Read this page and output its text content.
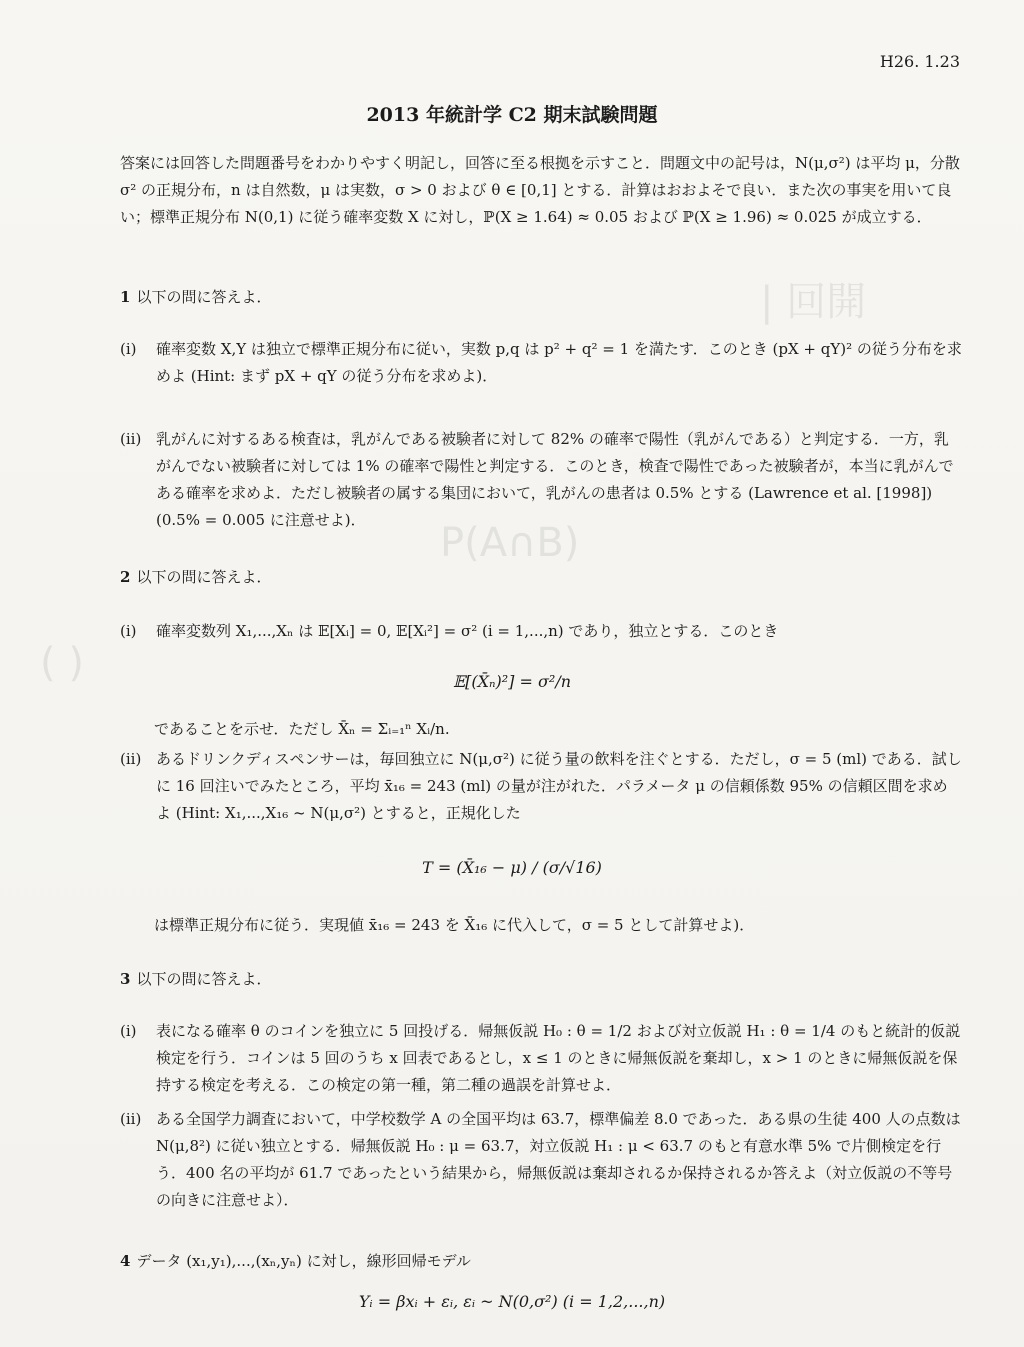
| 回開
P(A∩B)
( )
H26. 1.23
2013 年統計学 C2 期末試験問題
答案には回答した問題番号をわかりやすく明記し，回答に至る根拠を示すこと．問題文中の記号は，N(μ,σ²) は平均 μ，分散 σ² の正規分布，n は自然数，μ は実数，σ > 0 および θ ∈ [0,1] とする．計算はおおよそで良い．また次の事実を用いて良い；標準正規分布 N(0,1) に従う確率変数 X に対し，ℙ(X ≥ 1.64) ≈ 0.05 および ℙ(X ≥ 1.96) ≈ 0.025 が成立する．
1 以下の問に答えよ．
(i)	確率変数 X,Y は独立で標準正規分布に従い，実数 p,q は p² + q² = 1 を満たす．このとき (pX + qY)² の従う分布を求めよ (Hint: まず pX + qY の従う分布を求めよ)．
(ii) 乳がんに対するある検査は，乳がんである被験者に対して 82% の確率で陽性（乳がんである）と判定する．一方，乳がんでない被験者に対しては 1% の確率で陽性と判定する．このとき，検査で陽性であった被験者が，本当に乳がんである確率を求めよ．ただし被験者の属する集団において，乳がんの患者は 0.5% とする (Lawrence et al. [1998]) (0.5% = 0.005 に注意せよ)．
2 以下の問に答えよ．
(i)	確率変数列 X₁,...,Xₙ は 𝔼[Xᵢ] = 0, 𝔼[Xᵢ²] = σ² (i = 1,...,n) であり，独立とする．このとき
𝔼[(X̄ₙ)²] = σ²/n
であることを示せ．ただし X̄ₙ = Σᵢ₌₁ⁿ Xᵢ/n.
(ii) あるドリンクディスペンサーは，毎回独立に N(μ,σ²) に従う量の飲料を注ぐとする．ただし，σ = 5 (ml) である．試しに 16 回注いでみたところ，平均 x̄₁₆ = 243 (ml) の量が注がれた．パラメータ μ の信頼係数 95% の信頼区間を求めよ (Hint: X₁,...,X₁₆ ~ N(μ,σ²) とすると，正規化した
T = (X̄₁₆ − μ) / (σ/√16)
は標準正規分布に従う．実現値 x̄₁₆ = 243 を X̄₁₆ に代入して，σ = 5 として計算せよ)．
3 以下の問に答えよ．
(i)	表になる確率 θ のコインを独立に 5 回投げる．帰無仮説 H₀ : θ = 1/2 および対立仮説 H₁ : θ = 1/4 のもと統計的仮説検定を行う．コインは 5 回のうち x 回表であるとし，x ≤ 1 のときに帰無仮説を棄却し，x > 1 のときに帰無仮説を保持する検定を考える．この検定の第一種，第二種の過誤を計算せよ．
(ii) ある全国学力調査において，中学校数学 A の全国平均は 63.7，標準偏差 8.0 であった．ある県の生徒 400 人の点数は N(μ,8²) に従い独立とする．帰無仮説 H₀ : μ = 63.7，対立仮説 H₁ : μ < 63.7 のもと有意水準 5% で片側検定を行う．400 名の平均が 61.7 であったという結果から，帰無仮説は棄却されるか保持されるか答えよ（対立仮説の不等号の向きに注意せよ）．
4 データ (x₁,y₁),...,(xₙ,yₙ) に対し，線形回帰モデル
Yᵢ = βxᵢ + εᵢ, εᵢ ~ N(0,σ²) (i = 1,2,...,n)
